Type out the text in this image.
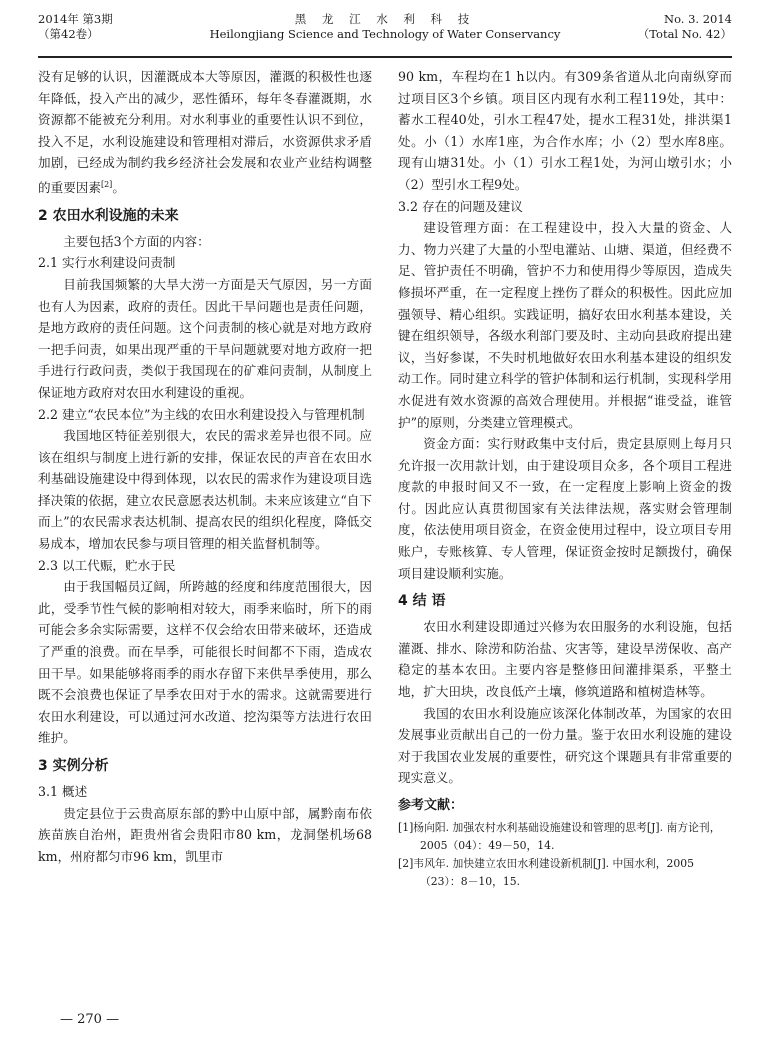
2014年 第3期
（第42卷）
黑 龙 江 水 利 科 技
Heilongjiang Science and Technology of Water Conservancy
No. 3. 2014
（Total No. 42）

没有足够的认识，因灌溉成本大等原因，灌溉的积极性也逐年降低，投入产出的减少，恶性循环，每年冬春灌溉期，水资源都不能被充分利用。对水利事业的重要性认识不到位，投入不足，水利设施建设和管理相对滞后，水资源供求矛盾加剧，已经成为制约我乡经济社会发展和农业产业结构调整的重要因素[2]。

2 农田水利设施的未来

主要包括3个方面的内容：

2.1 实行水利建设问责制

目前我国频繁的大旱大涝一方面是天气原因，另一方面也有人为因素，政府的责任。因此干旱问题也是责任问题，是地方政府的责任问题。这个问责制的核心就是对地方政府一把手问责，如果出现严重的干旱问题就要对地方政府一把手进行行政问责，类似于我国现在的矿难问责制，从制度上保证地方政府对农田水利建设的重视。

2.2 建立“农民本位”为主线的农田水利建设投入与管理机制

我国地区特征差别很大，农民的需求差异也很不同。应该在组织与制度上进行新的安排，保证农民的声音在农田水利基础设施建设中得到体现，以农民的需求作为建设项目选择决策的依据，建立农民意愿表达机制。未来应该建立“自下而上”的农民需求表达机制、提高农民的组织化程度，降低交易成本，增加农民参与项目管理的相关监督机制等。

2.3 以工代赈，贮水于民

由于我国幅员辽阔，所跨越的经度和纬度范围很大，因此，受季节性气候的影响相对较大，雨季来临时，所下的雨可能会多余实际需要，这样不仅会给农田带来破坏，还造成了严重的浪费。而在旱季，可能很长时间都不下雨，造成农田干旱。如果能够将雨季的雨水存留下来供旱季使用，那么既不会浪费也保证了旱季农田对于水的需求。这就需要进行农田水利建设，可以通过河水改道、挖沟渠等方法进行农田维护。

3 实例分析
3.1 概述

贵定县位于云贵高原东部的黔中山原中部，属黔南布依族苗族自治州，距贵州省会贵阳市80 km，龙洞堡机场68 km，州府都匀市96 km，凯里市

90 km，车程均在1 h以内。有309条省道从北向南纵穿而过项目区3个乡镇。项目区内现有水利工程119处，其中：蓄水工程40处，引水工程47处，提水工程31处，排洪渠1处。小（1）水库1座，为合作水库；小（2）型水库8座。现有山塘31处。小（1）引水工程1处，为河山墩引水；小（2）型引水工程9处。

3.2 存在的问题及建议

建设管理方面：在工程建设中，投入大量的资金、人力、物力兴建了大量的小型电灌站、山塘、渠道，但经费不足、管护责任不明确，管护不力和使用得少等原因，造成失修损坏严重，在一定程度上挫伤了群众的积极性。因此应加强领导、精心组织。实践证明，搞好农田水利基本建设，关键在组织领导，各级水利部门要及时、主动向县政府提出建议，当好参谋，不失时机地做好农田水利基本建设的组织发动工作。同时建立科学的管护体制和运行机制，实现科学用水促进有效水资源的高效合理使用。并根据“谁受益，谁管护”的原则，分类建立管理模式。

资金方面：实行财政集中支付后，贵定县原则上每月只允许报一次用款计划，由于建设项目众多，各个项目工程进度款的申报时间又不一致，在一定程度上影响上资金的拨付。因此应认真贯彻国家有关法律法规，落实财会管理制度，依法使用项目资金，在资金使用过程中，设立项目专用账户，专账核算、专人管理，保证资金按时足额拨付，确保项目建设顺利实施。

4 结 语

农田水利建设即通过兴修为农田服务的水利设施，包括灌溉、排水、除涝和防治盐、灾害等，建设旱涝保收、高产稳定的基本农田。主要内容是整修田间灌排渠系，平整土地，扩大田块，改良低产土壤，修筑道路和植树造林等。

我国的农田水利设施应该深化体制改革，为国家的农田发展事业贡献出自己的一份力量。鉴于农田水利设施的建设对于我国农业发展的重要性，研究这个课题具有非常重要的现实意义。

参考文献：

[1]杨向阳. 加强农村水利基础设施建设和管理的思考[J]. 南方论刊，2005（04）：49－50，14.

[2]韦风年. 加快建立农田水利建设新机制[J]. 中国水利，2005（23）：8－10，15.

— 270 —
